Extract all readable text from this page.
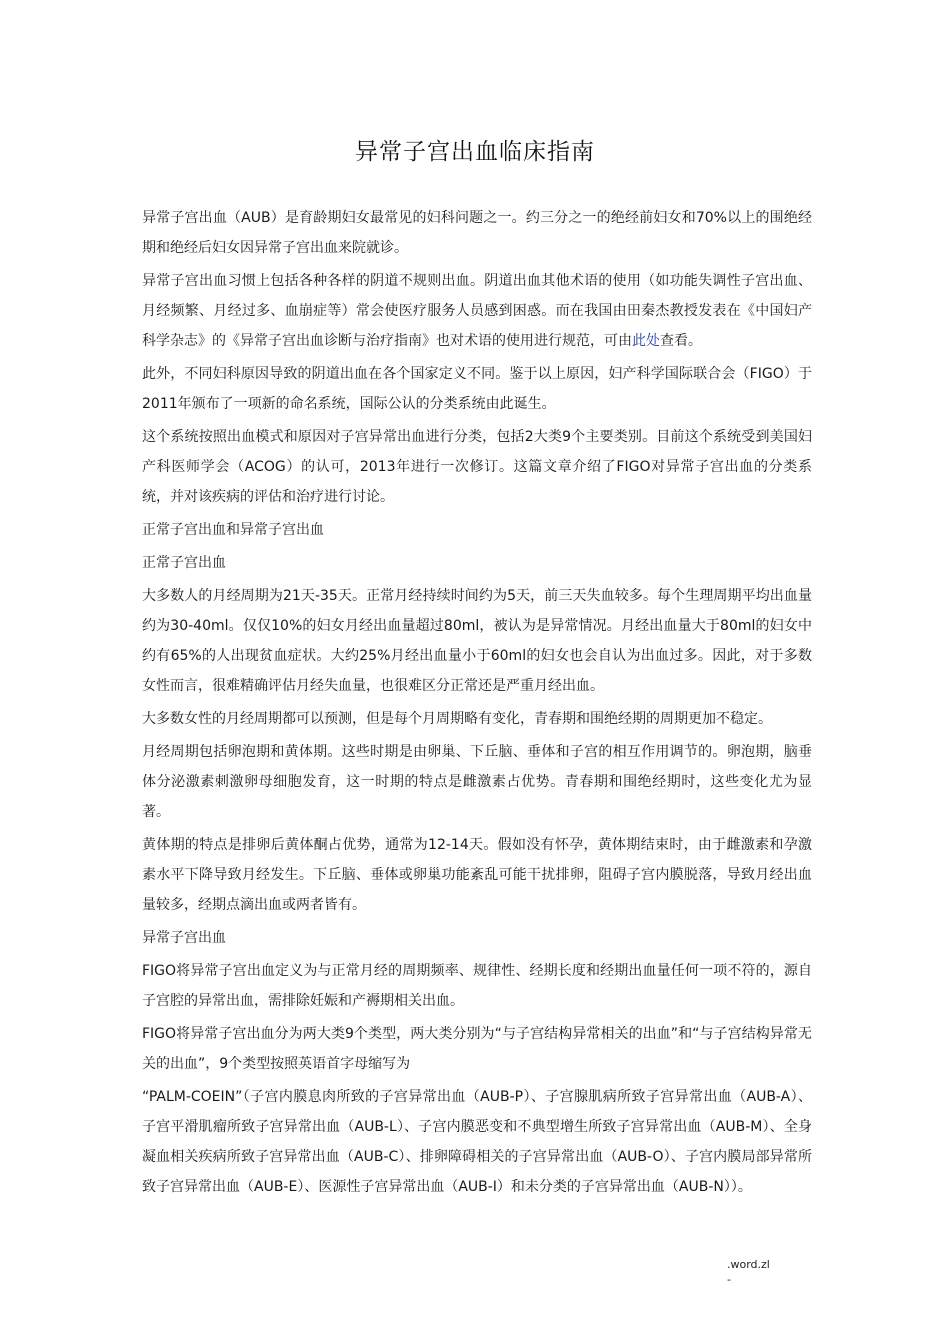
异常子宫出血临床指南

异常子宫出血（AUB）是育龄期妇女最常见的妇科问题之一。约三分之一的绝经前妇女和70%以上的围绝经期和绝经后妇女因异常子宫出血来院就诊。

异常子宫出血习惯上包括各种各样的阴道不规则出血。阴道出血其他术语的使用（如功能失调性子宫出血、月经频繁、月经过多、血崩症等）常会使医疗服务人员感到困惑。而在我国由田秦杰教授发表在《中国妇产科学杂志》的《异常子宫出血诊断与治疗指南》也对术语的使用进行规范，可由此处查看。

此外，不同妇科原因导致的阴道出血在各个国家定义不同。鉴于以上原因，妇产科学国际联合会（FIGO）于2011年颁布了一项新的命名系统，国际公认的分类系统由此诞生。

这个系统按照出血模式和原因对子宫异常出血进行分类，包括2大类9个主要类别。目前这个系统受到美国妇产科医师学会（ACOG）的认可，2013年进行一次修订。这篇文章介绍了FIGO对异常子宫出血的分类系统，并对该疾病的评估和治疗进行讨论。

正常子宫出血和异常子宫出血
正常子宫出血

大多数人的月经周期为21天-35天。正常月经持续时间约为5天，前三天失血较多。每个生理周期平均出血量约为30-40ml。仅仅10%的妇女月经出血量超过80ml，被认为是异常情况。月经出血量大于80ml的妇女中约有65%的人出现贫血症状。大约25%月经出血量小于60ml的妇女也会自认为出血过多。因此，对于多数女性而言，很难精确评估月经失血量，也很难区分正常还是严重月经出血。

大多数女性的月经周期都可以预测，但是每个月周期略有变化，青春期和围绝经期的周期更加不稳定。

月经周期包括卵泡期和黄体期。这些时期是由卵巢、下丘脑、垂体和子宫的相互作用调节的。卵泡期，脑垂体分泌激素刺激卵母细胞发育，这一时期的特点是雌激素占优势。青春期和围绝经期时，这些变化尤为显著。

黄体期的特点是排卵后黄体酮占优势，通常为12-14天。假如没有怀孕，黄体期结束时，由于雌激素和孕激素水平下降导致月经发生。下丘脑、垂体或卵巢功能紊乱可能干扰排卵，阻碍子宫内膜脱落，导致月经出血量较多，经期点滴出血或两者皆有。

异常子宫出血

FIGO将异常子宫出血定义为与正常月经的周期频率、规律性、经期长度和经期出血量任何一项不符的，源自子宫腔的异常出血，需排除妊娠和产褥期相关出血。

FIGO将异常子宫出血分为两大类9个类型，两大类分别为“与子宫结构异常相关的出血”和“与子宫结构异常无关的出血”，9个类型按照英语首字母缩写为

“PALM-COEIN”（子宫内膜息肉所致的子宫异常出血（AUB-P）、子宫腺肌病所致子宫异常出血（AUB-A）、子宫平滑肌瘤所致子宫异常出血（AUB-L）、子宫内膜恶变和不典型增生所致子宫异常出血（AUB-M）、全身凝血相关疾病所致子宫异常出血（AUB-C）、排卵障碍相关的子宫异常出血（AUB-O）、子宫内膜局部异常所致子宫异常出血（AUB-E）、医源性子宫异常出血（AUB-I）和未分类的子宫异常出血（AUB-N））。

.word.zl
-
